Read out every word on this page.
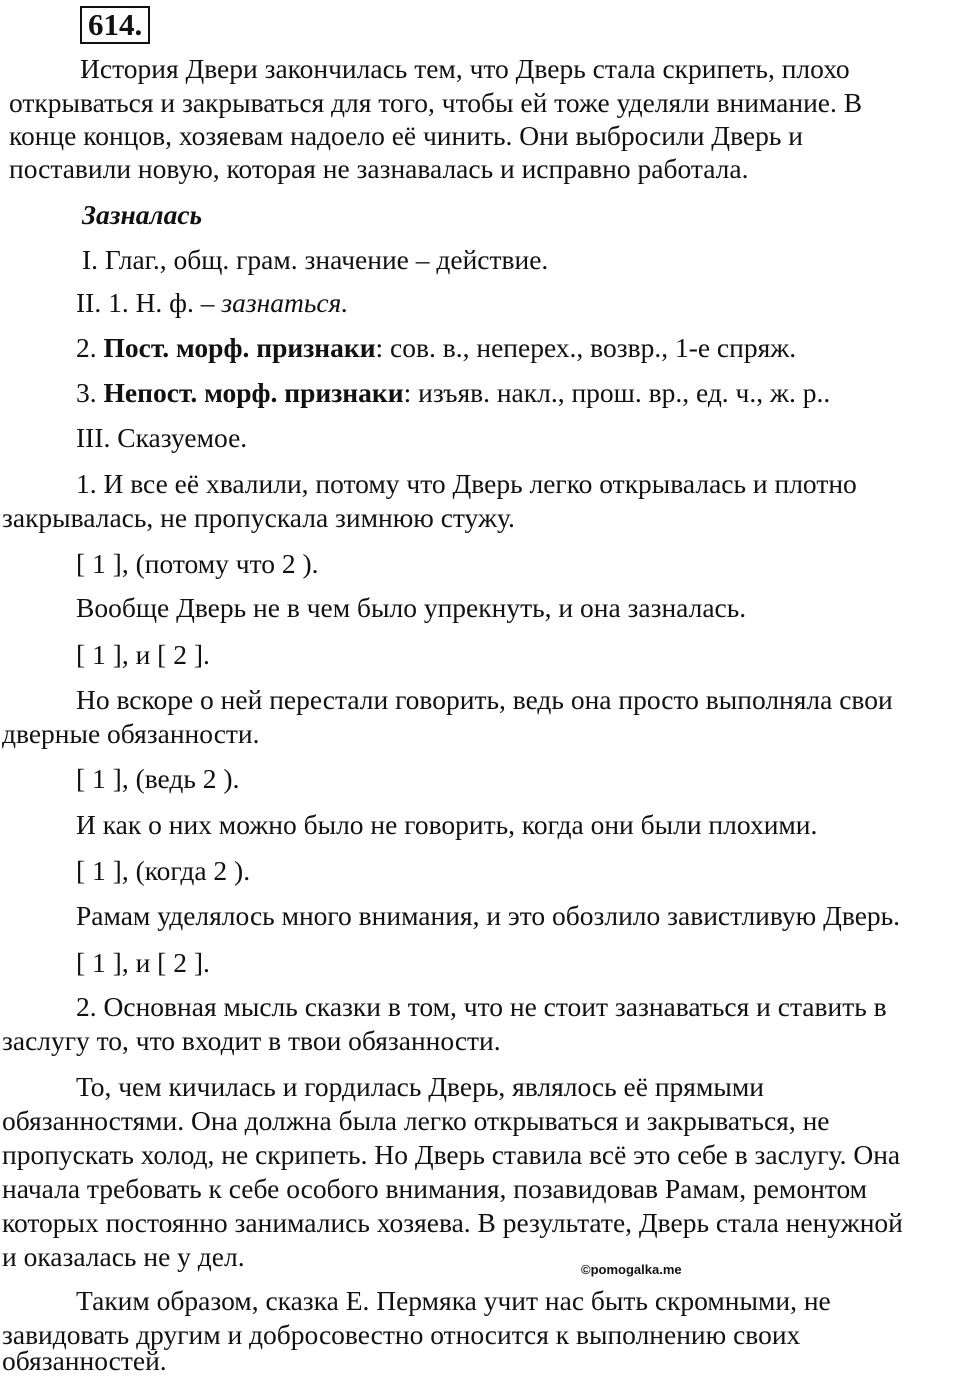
614.
История Двери закончилась тем, что Дверь стала скрипеть, плохо
открываться и закрываться для того, чтобы ей тоже уделяли внимание. В
конце концов, хозяевам надоело её чинить. Они выбросили Дверь и
поставили новую, которая не зазнавалась и исправно работала.
Зазналась
I. Глаг., общ. грам. значение – действие.
II. 1. Н. ф. – зазнаться.
2. Пост. морф. признаки: сов. в., неперех., возвр., 1-е спряж.
3. Непост. морф. признаки: изъяв. накл., прош. вр., ед. ч., ж. р..
III. Сказуемое.
1. И все её хвалили, потому что Дверь легко открывалась и плотно
закрывалась, не пропускала зимнюю стужу.
[ 1 ], (потому что 2 ).
Вообще Дверь не в чем было упрекнуть, и она зазналась.
[ 1 ], и [ 2 ].
Но вскоре о ней перестали говорить, ведь она просто выполняла свои
дверные обязанности.
[ 1 ], (ведь 2 ).
И как о них можно было не говорить, когда они были плохими.
[ 1 ], (когда 2 ).
Рамам уделялось много внимания, и это обозлило завистливую Дверь.
[ 1 ], и [ 2 ].
2. Основная мысль сказки в том, что не стоит зазнаваться и ставить в
заслугу то, что входит в твои обязанности.
То, чем кичилась и гордилась Дверь, являлось её прямыми
обязанностями. Она должна была легко открываться и закрываться, не
пропускать холод, не скрипеть. Но Дверь ставила всё это себе в заслугу. Она
начала требовать к себе особого внимания, позавидовав Рамам, ремонтом
которых постоянно занимались хозяева. В результате, Дверь стала ненужной
и оказалась не у дел.	©pomogalka.me
Таким образом, сказка Е. Пермяка учит нас быть скромными, не
завидовать другим и добросовестно относится к выполнению своих
обязанностей.
